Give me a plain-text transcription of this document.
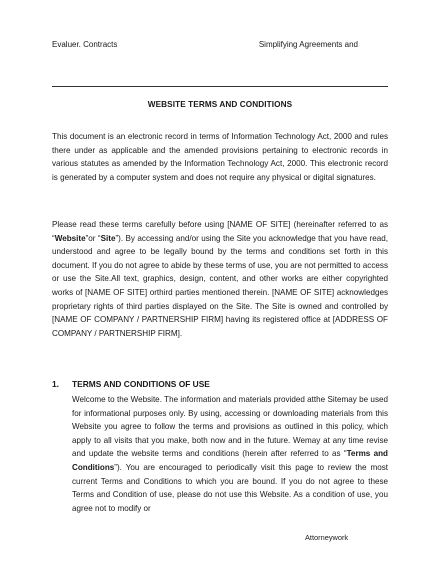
Evaluer. Contracts	Simplifying Agreements and
WEBSITE TERMS AND CONDITIONS

This document is an electronic record in terms of Information Technology Act, 2000 and rules there under as applicable and the amended provisions pertaining to electronic records in various statutes as amended by the Information Technology Act, 2000. This electronic record is generated by a computer system and does not require any physical or digital signatures.

Please read these terms carefully before using [NAME OF SITE] (hereinafter referred to as “Website”or “Site”). By accessing and/or using the Site you acknowledge that you have read, understood and agree to be legally bound by the terms and conditions set forth in this document. If you do not agree to abide by these terms of use, you are not permitted to access or use the Site.All text, graphics, design, content, and other works are either copyrighted works of [NAME OF SITE] orthird parties mentioned therein. [NAME OF SITE] acknowledges proprietary rights of third parties displayed on the Site. The Site is owned and controlled by [NAME OF COMPANY / PARTNERSHIP FIRM] having its registered office at [ADDRESS OF COMPANY / PARTNERSHIP FIRM].

1. TERMS AND CONDITIONS OF USE

Welcome to the Website. The information and materials provided atthe Sitemay be used for informational purposes only. By using, accessing or downloading materials from this Website you agree to follow the terms and provisions as outlined in this policy, which apply to all visits that you make, both now and in the future. Wemay at any time revise and update the website terms and conditions (herein after referred to as “Terms and Conditions”). You are encouraged to periodically visit this page to review the most current Terms and Conditions to which you are bound. If you do not agree to these Terms and Condition of use, please do not use this Website. As a condition of use, you agree not to modify or

Attorneywork
